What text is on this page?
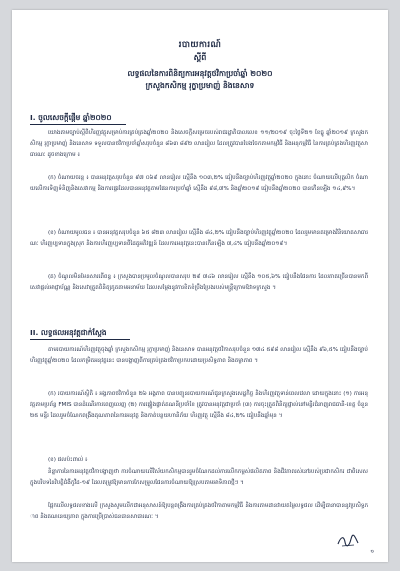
របាយការណ៍
ស្តីពី
លទ្ធផលនៃការពិនិត្យការអនុវត្តថវិកាប្រចាំឆ្នាំ ២០២០
ក្រសួងកសិកម្ម រុក្ខាប្រមាញ់ និងនេសាទ
I. ចូលសេចក្តីផ្តើម ឆ្នាំ២០២០
យោងតាមច្បាប់ស្តីពីហិរញ្ញវត្ថុសម្រាប់ការគ្រប់គ្រងឆ្នាំ២០២០ និងសេចក្តីសម្រេចរបស់រាជរដ្ឋាភិបាលលេខ ១១/២០១៩ ចុះថ្ងៃទី២១ ខែធ្នូ ឆ្នាំ២០១៩ ក្រសួងកសិកម្ម រុក្ខាប្រមាញ់ និងនេសាទ ទទួលបានថវិកាប្រចាំឆ្នាំសរុបចំនួន ៨៦៣ ៨៩២ លានរៀល ដែលត្រូវបានបែងចែកតាមកម្មវិធី និងអនុកម្មវិធី នៃការគ្រប់គ្រងហិរញ្ញវត្ថុសាធារណៈ ដូចខាងក្រោម ៖
(ក) ចំណាយចរន្ត ៖ បានអនុវត្តសរុបចំនួន ៩៧ ០៦៩ លានរៀល ស្មើនឹង ១០៣,២% ធៀបនឹងច្បាប់ហិរញ្ញវត្ថុឆ្នាំ២០២០ ក្នុងនោះ ចំណាយលើបុគ្គលិក ចំណាយលើការទិញទំនិញនិងសេវាកម្ម និងការផ្ទេរដែលបានអនុវត្តតាមផែនការប្រចាំឆ្នាំ ស្មើនឹង ៩៨,៧% និងឆ្នាំ២០១៩ ធៀបនឹងឆ្នាំ២០២០ បានកើនឡើង ១៤,៩%។
(ខ) ចំណាយមូលធន ៖ បានអនុវត្តសរុបចំនួន ៦៥ ៨២៣ លានរៀល ស្មើនឹង ៨៤,២% ធៀបនឹងច្បាប់ហិរញ្ញវត្ថុឆ្នាំ២០២០ ដែលរួមមានគម្រោងវិនិយោគសាធារណៈ ហិរញ្ញប្បទានក្នុងស្រុក និងការហិរញ្ញប្បទានពីដៃគូអភិវឌ្ឍន៍ ដែលការអនុវត្តនេះបានកើនឡើង ៧,៤% ធៀបនឹងឆ្នាំ២០១៩។
(គ) ចំណូលមិនមែនសារពើពន្ធ ៖ ក្រសួងបានប្រមូលចំណូលបានសរុប ២៩ ៧៤៦ លានរៀល ស្មើនឹង ១០៥,៦% ធៀបនឹងផែនការ ដែលភាគច្រើនបានមកពីសេវាផ្តល់អាជ្ញាប័ណ្ណ និងសេវាត្រួតពិនិត្យភូតគាមអនាម័យ ដែលសម្តែងនូវការខិតខំប្រឹងប្រែងរបស់មន្ត្រីក្រោមឱវាទក្រសួង ។
II. លទ្ធផលអនុវត្តជាក់ស្តែង
តាមរបាយការណ៍ហិរញ្ញវត្ថុចុងឆ្នាំ ក្រសួងកសិកម្ម រុក្ខាប្រមាញ់ និងនេសាទ បានអនុវត្តថវិកាសរុបចំនួន ១៧៤ ៥៩៨ លានរៀល ស្មើនឹង ៩៦,៥% ធៀបនឹងច្បាប់ហិរញ្ញវត្ថុឆ្នាំ២០២០ ដែលកម្រិតអនុវត្តនេះ បានបង្ហាញពីការគ្រប់គ្រងថវិកាប្រកបដោយប្រសិទ្ធភាព និងតម្លាភាព ។
(ក) របាយការណ៍ស្ថិតិ ៖ អង្គភាពថវិកាចំនួន ២៦ អង្គភាព បានបញ្ជូនរបាយការណ៍ជូនក្រសួងសេដ្ឋកិច្ច និងហិរញ្ញវត្ថុទាន់ពេលវេលា ដោយក្នុងនោះ (១) ការអនុវត្តតាមប្រព័ន្ធ FMIS បានដំណើរការពេញលេញ (២) ការផ្ទៀងផ្ទាត់គណនីប្រចាំខែ ត្រូវបានអនុវត្តជាប្រចាំ (៣) ការចុះត្រួតពិនិត្យផ្ទាល់នៅមន្ទីរជំនាញរាជធានី-ខេត្ត ចំនួន ២៥ មន្ទីរ ដែលរួមចំណែកពង្រឹងគុណភាពនៃការអនុវត្ត និងកាត់បន្ថយហានិភ័យ ហិរញ្ញវត្ថុ ស្មើនឹង ៨៤,២% ធៀបនឹងឆ្នាំមុន ។
(ខ) ផលប៉ះពាល់ ៖
និន្នាការនៃការអនុវត្តថវិកាបង្ហាញថា ការចំណាយលើវិស័យកសិកម្មបានរួមចំណែកដល់ការលើកកម្ពស់ផលិតភាព និងជីវភាពរស់នៅរបស់ប្រជាកសិករ ជាពិសេសក្នុងបរិបទនៃវិបត្តិជំងឺកូវីដ-១៩ ដែលតម្រូវឱ្យមានការកែសម្រួលផែនការចំណាយឱ្យស្របតាមអាទិភាពថ្មីៗ ។
ផ្អែកលើលទ្ធផលខាងលើ ក្រសួងសូមលើកជាអនុសាសន៍ឱ្យបន្តពង្រឹងការគ្រប់គ្រងថវិកាតាមកម្មវិធី និងការតាមដានវាយតម្លៃលទ្ធផល ដើម្បីធានាបាននូវប្រសិទ្ធភាព និងគណនេយ្យភាព ក្នុងការប្រើប្រាស់ធនធានសាធារណៈ ។
១
